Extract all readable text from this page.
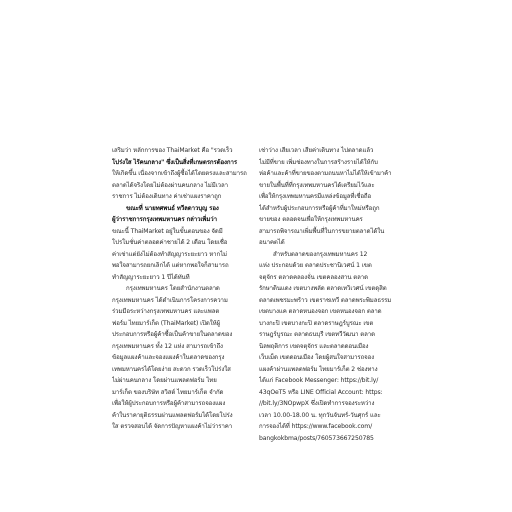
เสริมว่า หลักการของ ThaiMarket คือ "รวดเร็ว
โปร่งใส ไร้คนกลาง" ซึ่งเป็นสิ่งที่เกษตรกรต้องการ
ให้เกิดขึ้น เนื่องจากเข้าถึงผู้ซื้อได้โดยตรงและสามารถ
ตลาดได้จริงโดยไม่ต้องผ่านคนกลาง ไม่มีเวลา
ราชการ ไม่ต้องเดินทาง ค่าเช่าแผงราคาถูก
ขณะที่ นายทศพนธ์ ทวีลดาวบุญ รอง
ผู้ว่าราชการกรุงเทพมหานคร กล่าวเพิ่มว่า
ขณะนี้ ThaiMarket อยู่ในขั้นตอนของ จัดมี
โปรโมชั่นค่าตลอดค่าชายได้ 2 เดือน โดยเชื่อ
ค่าเช่าแต่ยังไม่ต้องทำสัญญาระยะยาว หากไม่
พอใจสามารถยกเลิกได้ แต่หากพอใจก็สามารถ
ทำสัญญาระยะยาว 1 ปีได้ทันที
กรุงเทพมหานคร โดยสำนักงานตลาด
กรุงเทพมหานคร ได้ดำเนินการโครงการความ
ร่วมมือระหว่างกรุงเทพมหานคร และแพลต
ฟอร์ม ไทยมาร์เก็ต (ThaiMarket) เปิดให้ผู้
ประกอบการหรือผู้ค้าซื้อเป็นค้าขายในตลาดของ
กรุงเทพมหานคร ทั้ง 12 แห่ง สามารถเข้าถึง
ข้อมูลแผงค้าและจองแผงค้าในตลาดของกรุง
เทพมหานครได้โดยง่าย สะดวก รวดเร็วโปร่งใส
ไม่ผ่านคนกลาง โดยผ่านแพลตฟอร์ม ไทย
มาร์เก็ต ของบริษัท สวิสต์ ไทยมาร์เก็ต จำกัด
เพื่อให้ผู้ประกอบการหรือผู้ค้าสามารถจองแผง
ค้าในราคายุติธรรมผ่านแพลตฟอร์มได้โดยโปร่ง
ใส ตรวจสอบได้ จัดการปัญหาแผงค้าไม่ว่าราคา
เช่าว่าง เสียเวลา เสียค่าเดินทาง ไปตลาดแล้ว
ไม่มีที่ขาย เพิ่มช่องทางในการสร้างรายได้ให้กับ
ห่อค้าและค้าที่ขายของตามถนนหาไม่ได้ให้เข้ามาค้า
ขายในพื้นที่ที่กรุงเทพมหานครได้เตรียมไว้และ
เพื่อให้กรุงเทพมหานครมีแหล่งข้อมูลที่เชื่อถือ
ได้สำหรับผู้ประกอบการหรือผู้ค้าที่มาใหม่หรือถูก
ขายของ ตลอดจนเพื่อให้กรุงเทพมหานคร
สามารถพิจารณาเพิ่มพื้นที่ในการขยายตลาดได้ใน
อนาคตได้
สำหรับตลาดของกรุงเทพมหานคร 12
แห่ง ประกอบด้วย ตลาดประชานิเวศน์ 1 เขต
จตุจักร ตลาดคลองจั่น เขตคลองสาน ตลาด
รักษาดินแดง เขตบางพลัด ตลาดเทวิเวศน์ เขตดุสิต
ตลาดเพชรมะพร้าว เขตราชเทวี ตลาดพระพิมลธรรม
เขตบางแค ตลาดหนองจอก เขตหนองจอก ตลาด
บางกะปิ เขตบางกะปิ ตลาดราษฎร์บูรณะ เขต
ราษฎร์บูรณะ ตลาดธนบุรี เขตทวีวัฒนา ตลาด
นิลพฤติการ เขตจตุจักร และตลาดดอนเมือง
เว็บเม็ด เขตดอนเมือง โดยผู้สนใจสามารถจอง
แผงค้าผ่านแพลตฟอร์ม ไทยมาร์เก็ต 2 ช่องทาง
ได้แก่ Facebook Messenger: https://bit.ly/
43qOeT5 หรือ LINE Official Account: https:
//bit.ly/3NOpwpX ซึ่งเปิดทำการจองระหว่าง
เวลา 10.00-18.00 น. ทุกวันจันทร์-วันศุกร์ และ
การจองได้ที่ https://www.facebook.com/
bangkokbma/posts/760573667250785
